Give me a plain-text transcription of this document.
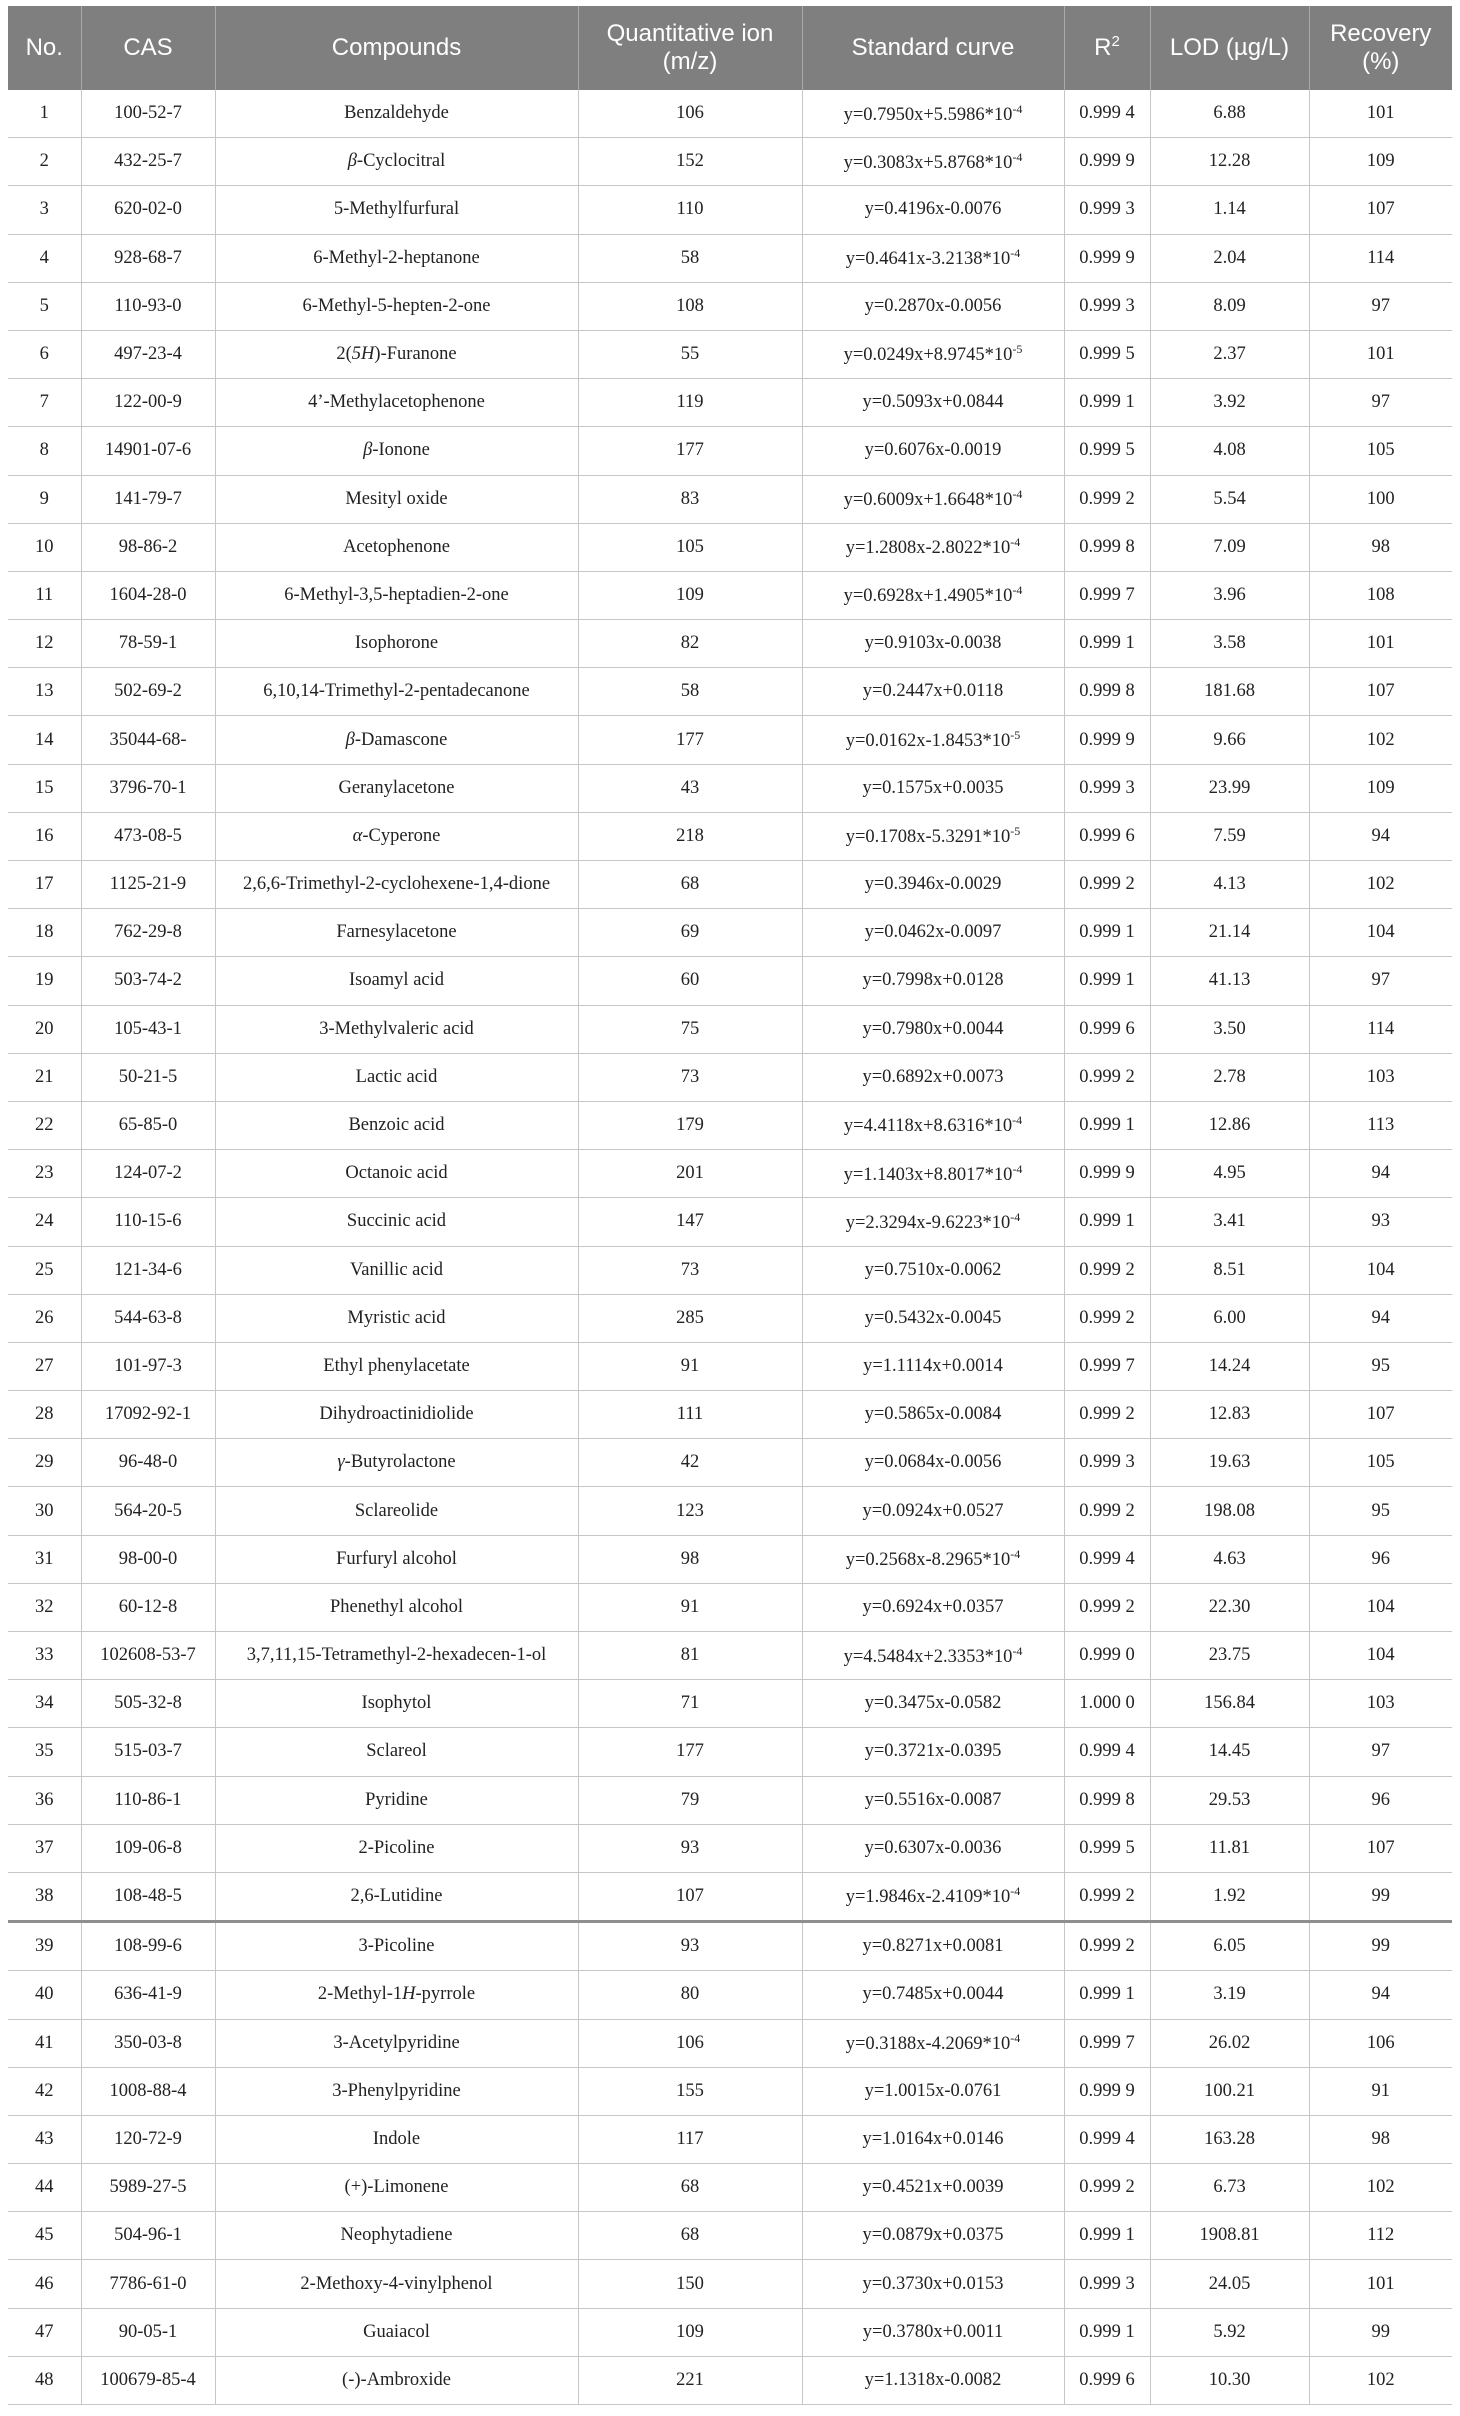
No.	CAS	Compounds	Quantitative ion (m/z)	Standard curve	$R^2$	LOD (µg/L)	Recovery (%)
1	100-52-7	Benzaldehyde	106	$y=0.7950x+5.5986*10^{-4}$	0.999 4	6.88	101
2	432-25-7	β-Cyclocitral	152	$y=0.3083x+5.8768*10^{-4}$	0.999 9	12.28	109
3	620-02-0	5-Methylfurfural	110	y=0.4196x-0.0076	0.999 3	1.14	107
4	928-68-7	6-Methyl-2-heptanone	58	$y=0.4641x-3.2138*10^{-4}$	0.999 9	2.04	114
5	110-93-0	6-Methyl-5-hepten-2-one	108	y=0.2870x-0.0056	0.999 3	8.09	97
6	497-23-4	2(5H)-Furanone	55	$y=0.0249x+8.9745*10^{-5}$	0.999 5	2.37	101
7	122-00-9	4’-Methylacetophenone	119	y=0.5093x+0.0844	0.999 1	3.92	97
8	14901-07-6	β-Ionone	177	y=0.6076x-0.0019	0.999 5	4.08	105
9	141-79-7	Mesityl oxide	83	$y=0.6009x+1.6648*10^{-4}$	0.999 2	5.54	100
10	98-86-2	Acetophenone	105	$y=1.2808x-2.8022*10^{-4}$	0.999 8	7.09	98
11	1604-28-0	6-Methyl-3,5-heptadien-2-one	109	$y=0.6928x+1.4905*10^{-4}$	0.999 7	3.96	108
12	78-59-1	Isophorone	82	y=0.9103x-0.0038	0.999 1	3.58	101
13	502-69-2	6,10,14-Trimethyl-2-pentadecanone	58	y=0.2447x+0.0118	0.999 8	181.68	107
14	35044-68-	β-Damascone	177	$y=0.0162x-1.8453*10^{-5}$	0.999 9	9.66	102
15	3796-70-1	Geranylacetone	43	y=0.1575x+0.0035	0.999 3	23.99	109
16	473-08-5	α-Cyperone	218	$y=0.1708x-5.3291*10^{-5}$	0.999 6	7.59	94
17	1125-21-9	2,6,6-Trimethyl-2-cyclohexene-1,4-dione	68	y=0.3946x-0.0029	0.999 2	4.13	102
18	762-29-8	Farnesylacetone	69	y=0.0462x-0.0097	0.999 1	21.14	104
19	503-74-2	Isoamyl acid	60	y=0.7998x+0.0128	0.999 1	41.13	97
20	105-43-1	3-Methylvaleric acid	75	y=0.7980x+0.0044	0.999 6	3.50	114
21	50-21-5	Lactic acid	73	y=0.6892x+0.0073	0.999 2	2.78	103
22	65-85-0	Benzoic acid	179	$y=4.4118x+8.6316*10^{-4}$	0.999 1	12.86	113
23	124-07-2	Octanoic acid	201	$y=1.1403x+8.8017*10^{-4}$	0.999 9	4.95	94
24	110-15-6	Succinic acid	147	$y=2.3294x-9.6223*10^{-4}$	0.999 1	3.41	93
25	121-34-6	Vanillic acid	73	y=0.7510x-0.0062	0.999 2	8.51	104
26	544-63-8	Myristic acid	285	y=0.5432x-0.0045	0.999 2	6.00	94
27	101-97-3	Ethyl phenylacetate	91	y=1.1114x+0.0014	0.999 7	14.24	95
28	17092-92-1	Dihydroactinidiolide	111	y=0.5865x-0.0084	0.999 2	12.83	107
29	96-48-0	γ-Butyrolactone	42	y=0.0684x-0.0056	0.999 3	19.63	105
30	564-20-5	Sclareolide	123	y=0.0924x+0.0527	0.999 2	198.08	95
31	98-00-0	Furfuryl alcohol	98	$y=0.2568x-8.2965*10^{-4}$	0.999 4	4.63	96
32	60-12-8	Phenethyl alcohol	91	y=0.6924x+0.0357	0.999 2	22.30	104
33	102608-53-7	3,7,11,15-Tetramethyl-2-hexadecen-1-ol	81	$y=4.5484x+2.3353*10^{-4}$	0.999 0	23.75	104
34	505-32-8	Isophytol	71	y=0.3475x-0.0582	1.000 0	156.84	103
35	515-03-7	Sclareol	177	y=0.3721x-0.0395	0.999 4	14.45	97
36	110-86-1	Pyridine	79	y=0.5516x-0.0087	0.999 8	29.53	96
37	109-06-8	2-Picoline	93	y=0.6307x-0.0036	0.999 5	11.81	107
38	108-48-5	2,6-Lutidine	107	$y=1.9846x-2.4109*10^{-4}$	0.999 2	1.92	99
39	108-99-6	3-Picoline	93	y=0.8271x+0.0081	0.999 2	6.05	99
40	636-41-9	2-Methyl-1H-pyrrole	80	y=0.7485x+0.0044	0.999 1	3.19	94
41	350-03-8	3-Acetylpyridine	106	$y=0.3188x-4.2069*10^{-4}$	0.999 7	26.02	106
42	1008-88-4	3-Phenylpyridine	155	y=1.0015x-0.0761	0.999 9	100.21	91
43	120-72-9	Indole	117	y=1.0164x+0.0146	0.999 4	163.28	98
44	5989-27-5	(+)-Limonene	68	y=0.4521x+0.0039	0.999 2	6.73	102
45	504-96-1	Neophytadiene	68	y=0.0879x+0.0375	0.999 1	1908.81	112
46	7786-61-0	2-Methoxy-4-vinylphenol	150	y=0.3730x+0.0153	0.999 3	24.05	101
47	90-05-1	Guaiacol	109	y=0.3780x+0.0011	0.999 1	5.92	99
48	100679-85-4	(-)-Ambroxide	221	y=1.1318x-0.0082	0.999 6	10.30	102
